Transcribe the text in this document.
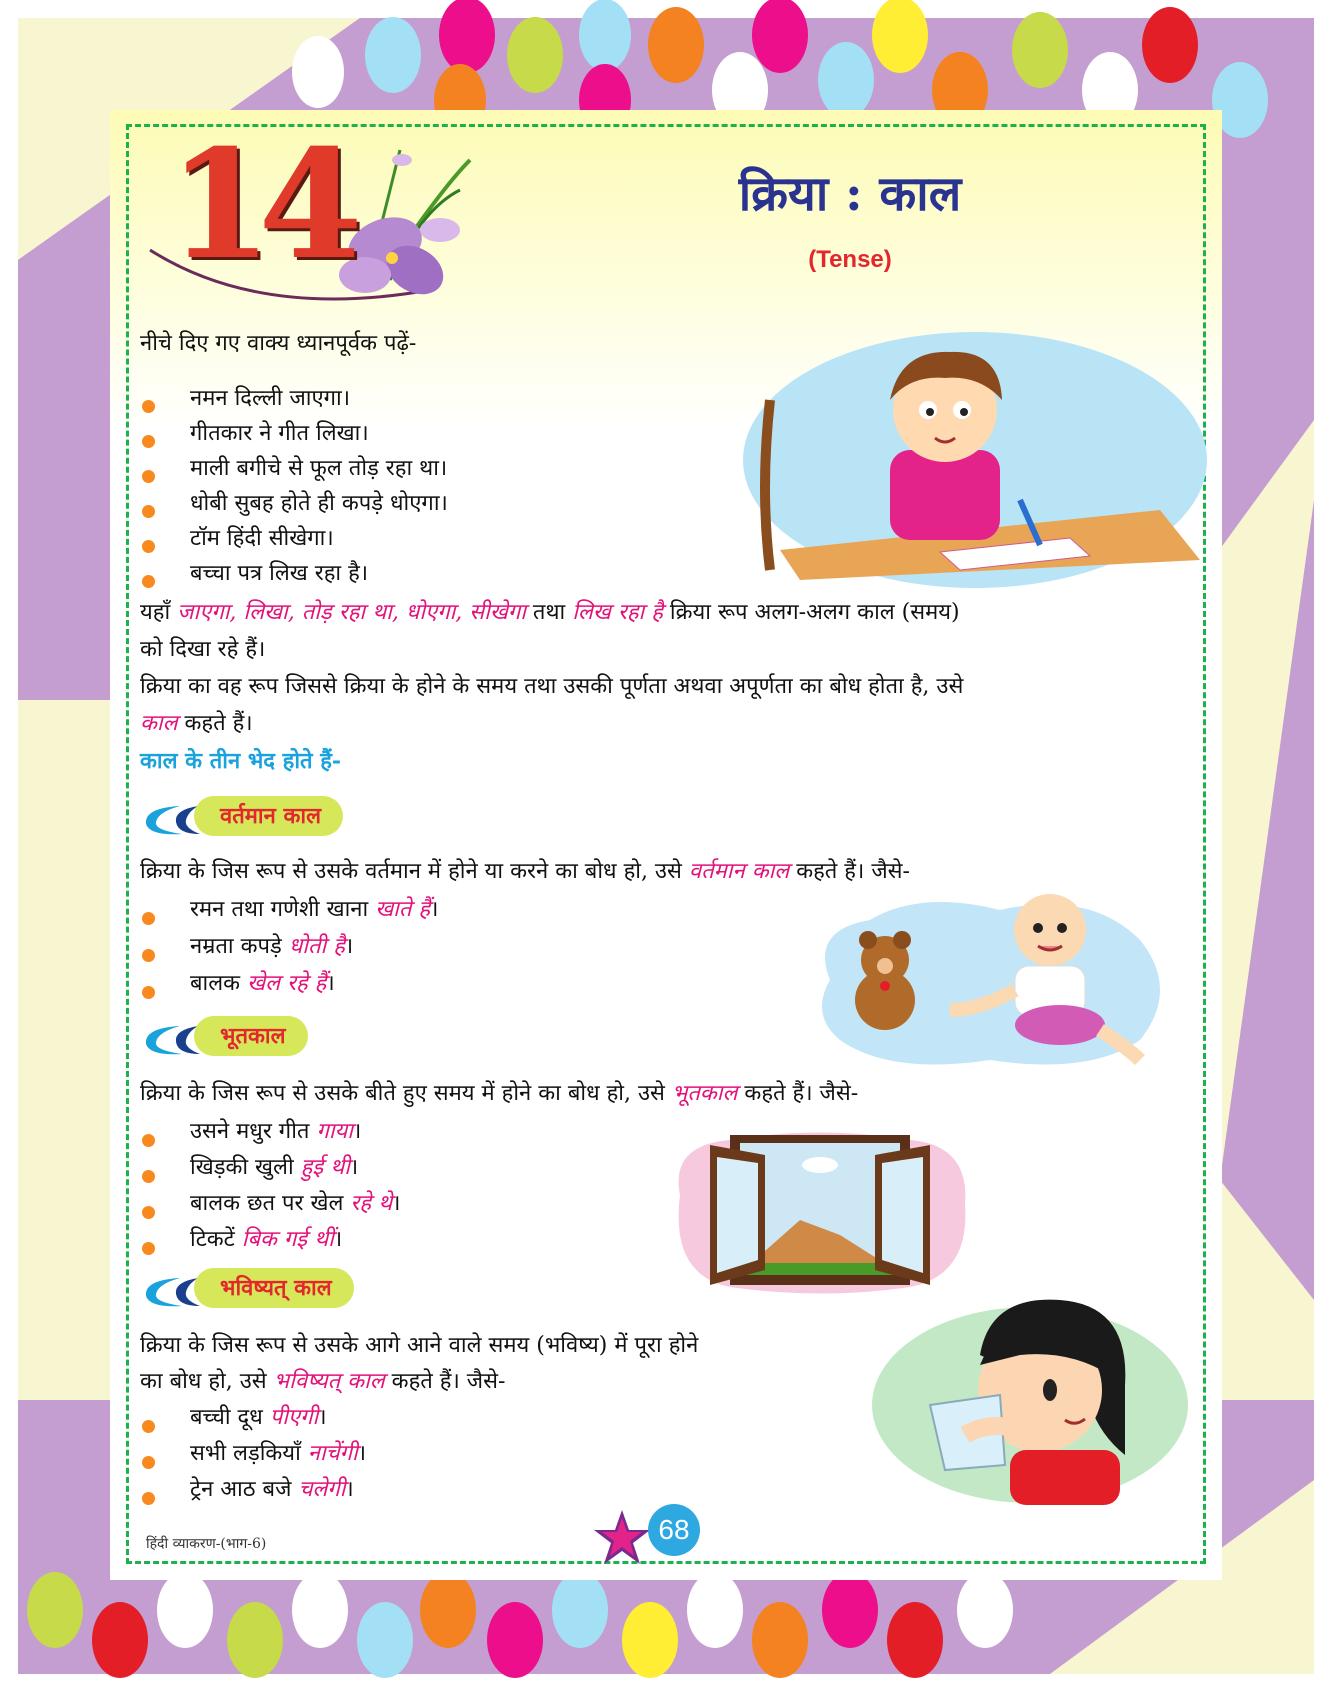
14	क्रिया : काल
(Tense)
नीचे दिए गए वाक्य ध्यानपूर्वक पढ़ें-
नमन दिल्ली जाएगा।
गीतकार ने गीत लिखा।
माली बगीचे से फूल तोड़ रहा था।
धोबी सुबह होते ही कपड़े धोएगा।
टॉम हिंदी सीखेगा।
बच्चा पत्र लिख रहा है।
यहाँ जाएगा, लिखा, तोड़ रहा था, धोएगा, सीखेगा तथा लिख रहा है क्रिया रूप अलग-अलग काल (समय)
को दिखा रहे हैं।
क्रिया का वह रूप जिससे क्रिया के होने के समय तथा उसकी पूर्णता अथवा अपूर्णता का बोध होता है, उसे
काल कहते हैं।
काल के तीन भेद होते हैं-
वर्तमान काल
क्रिया के जिस रूप से उसके वर्तमान में होने या करने का बोध हो, उसे वर्तमान काल कहते हैं। जैसे-
रमन तथा गणेशी खाना खाते हैं।
नम्रता कपड़े धोती है।
बालक खेल रहे हैं।
भूतकाल
क्रिया के जिस रूप से उसके बीते हुए समय में होने का बोध हो, उसे भूतकाल कहते हैं। जैसे-
उसने मधुर गीत गाया।
खिड़की खुली हुई थी।
बालक छत पर खेल रहे थे।
टिकटें बिक गई थीं।
भविष्यत् काल
क्रिया के जिस रूप से उसके आगे आने वाले समय (भविष्य) में पूरा होने
का बोध हो, उसे भविष्यत् काल कहते हैं। जैसे-
बच्ची दूध पीएगी।
सभी लड़कियाँ नाचेंगी।
ट्रेन आठ बजे चलेगी।
हिंदी व्याकरण-(भाग-6)	68
